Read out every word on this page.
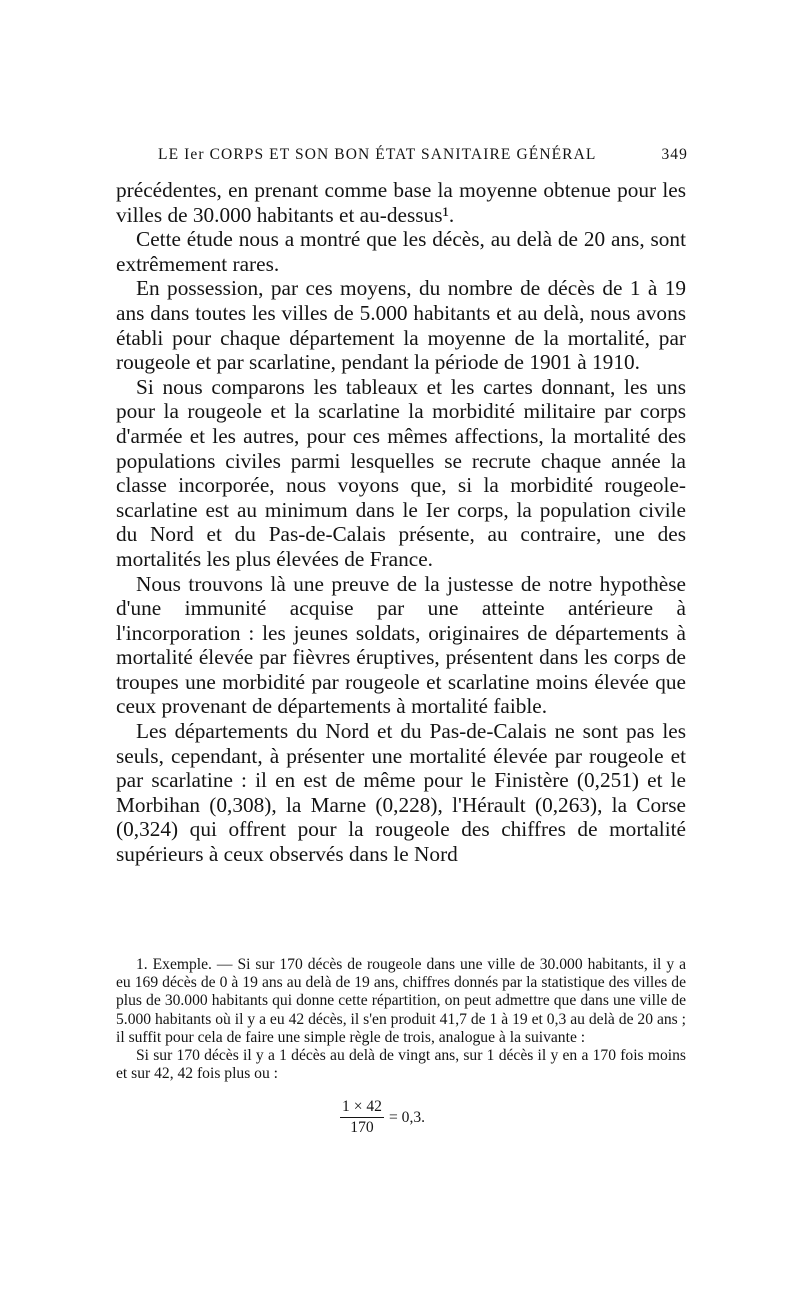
LE Ier CORPS ET SON BON ÉTAT SANITAIRE GÉNÉRAL	349

précédentes, en prenant comme base la moyenne obtenue pour les villes de 30.000 habitants et au-dessus¹.

Cette étude nous a montré que les décès, au delà de 20 ans, sont extrêmement rares.

En possession, par ces moyens, du nombre de décès de 1 à 19 ans dans toutes les villes de 5.000 habitants et au delà, nous avons établi pour chaque département la moyenne de la mortalité, par rougeole et par scarlatine, pendant la période de 1901 à 1910.

Si nous comparons les tableaux et les cartes donnant, les uns pour la rougeole et la scarlatine la morbidité militaire par corps d'armée et les autres, pour ces mêmes affections, la mortalité des populations civiles parmi lesquelles se recrute chaque année la classe incorporée, nous voyons que, si la morbidité rougeole-scarlatine est au minimum dans le Ier corps, la population civile du Nord et du Pas-de-Calais présente, au contraire, une des mortalités les plus élevées de France.

Nous trouvons là une preuve de la justesse de notre hypothèse d'une immunité acquise par une atteinte antérieure à l'incorporation : les jeunes soldats, originaires de départements à mortalité élevée par fièvres éruptives, présentent dans les corps de troupes une morbidité par rougeole et scarlatine moins élevée que ceux provenant de départements à mortalité faible.

Les départements du Nord et du Pas-de-Calais ne sont pas les seuls, cependant, à présenter une mortalité élevée par rougeole et par scarlatine : il en est de même pour le Finistère (0,251) et le Morbihan (0,308), la Marne (0,228), l'Hérault (0,263), la Corse (0,324) qui offrent pour la rougeole des chiffres de mortalité supérieurs à ceux observés dans le Nord

1. Exemple. — Si sur 170 décès de rougeole dans une ville de 30.000 habitants, il y a eu 169 décès de 0 à 19 ans au delà de 19 ans, chiffres donnés par la statistique des villes de plus de 30.000 habitants qui donne cette répartition, on peut admettre que dans une ville de 5.000 habitants où il y a eu 42 décès, il s'en produit 41,7 de 1 à 19 et 0,3 au delà de 20 ans ; il suffit pour cela de faire une simple règle de trois, analogue à la suivante :

Si sur 170 décès il y a 1 décès au delà de vingt ans, sur 1 décès il y en a 170 fois moins et sur 42, 42 fois plus ou :

$\frac{1 \times 42}{170} = 0,3$.
